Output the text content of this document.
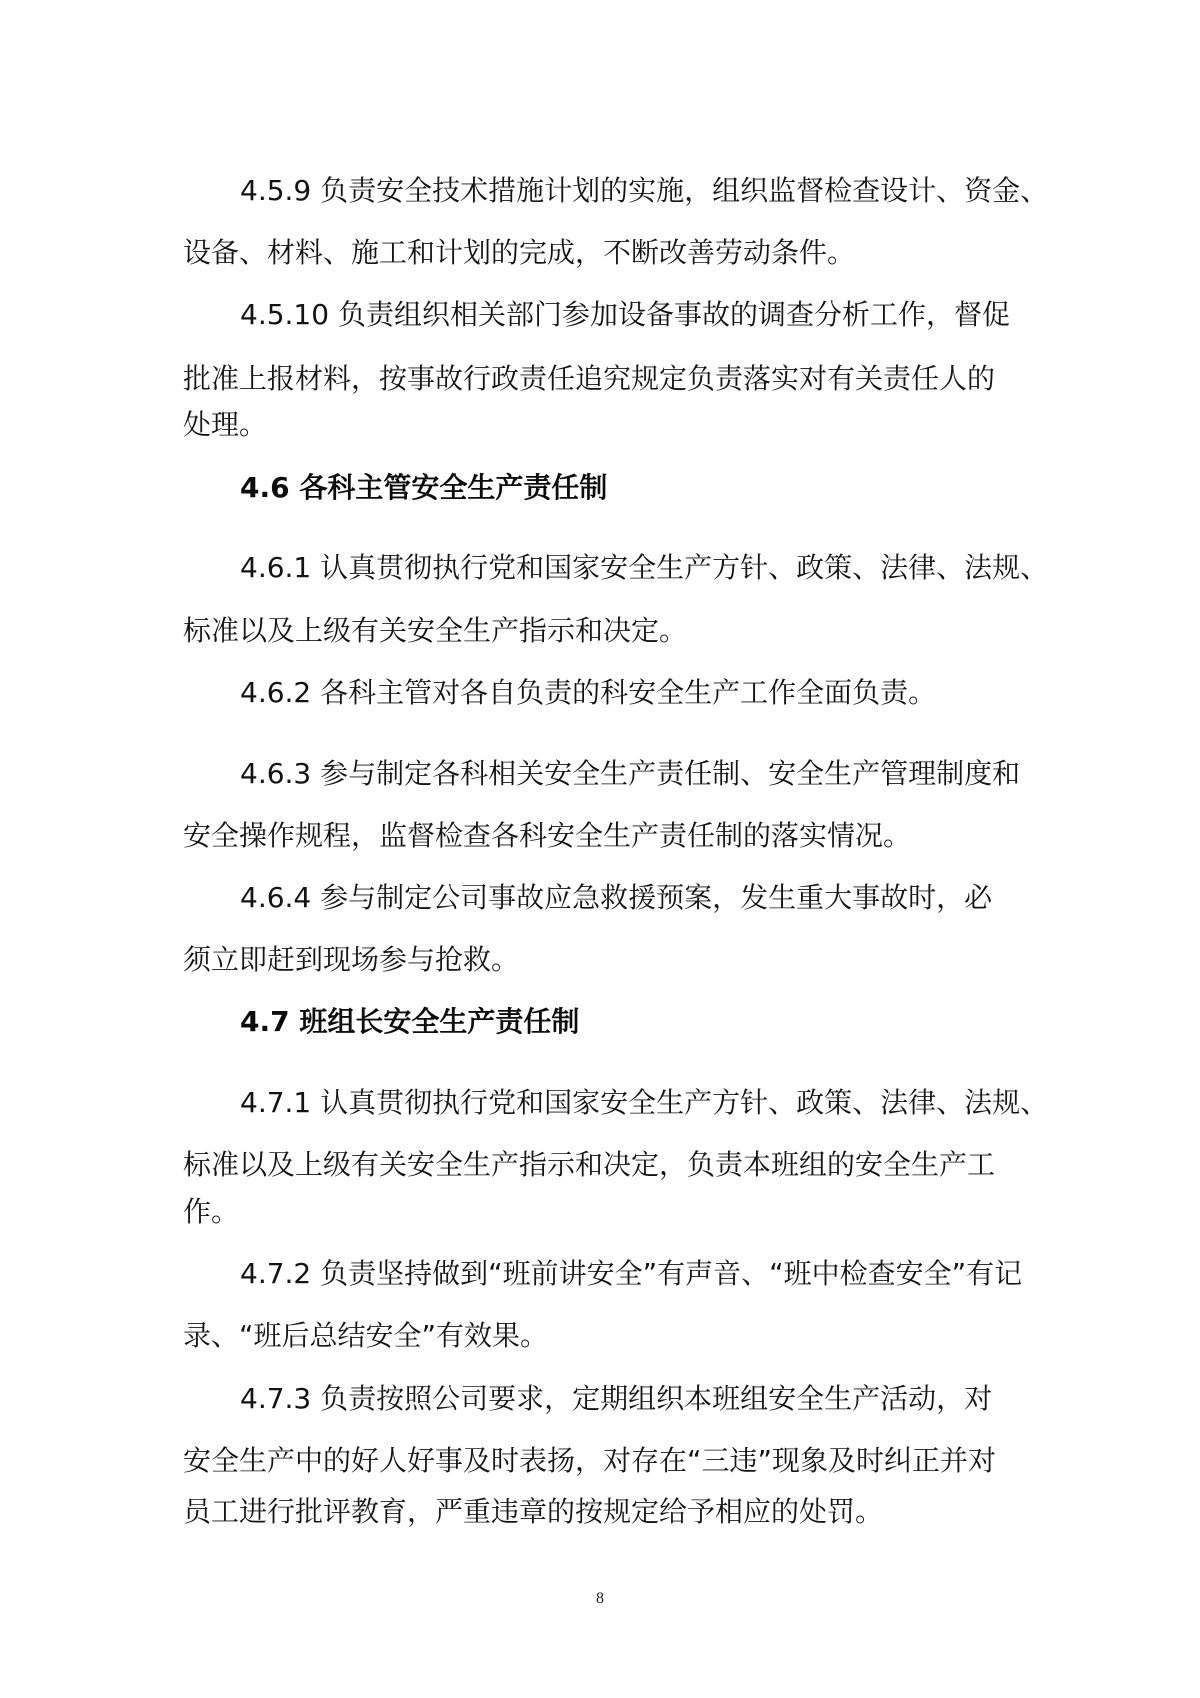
4.5.9 负责安全技术措施计划的实施，组织监督检查设计、资金、
设备、材料、施工和计划的完成，不断改善劳动条件。
4.5.10 负责组织相关部门参加设备事故的调查分析工作，督促
批准上报材料，按事故行政责任追究规定负责落实对有关责任人的
处理。
4.6 各科主管安全生产责任制
4.6.1 认真贯彻执行党和国家安全生产方针、政策、法律、法规、
标准以及上级有关安全生产指示和决定。
4.6.2 各科主管对各自负责的科安全生产工作全面负责。
4.6.3 参与制定各科相关安全生产责任制、安全生产管理制度和
安全操作规程，监督检查各科安全生产责任制的落实情况。
4.6.4 参与制定公司事故应急救援预案，发生重大事故时，必
须立即赶到现场参与抢救。
4.7 班组长安全生产责任制
4.7.1 认真贯彻执行党和国家安全生产方针、政策、法律、法规、
标准以及上级有关安全生产指示和决定，负责本班组的安全生产工
作。
4.7.2 负责坚持做到“班前讲安全”有声音、“班中检查安全”有记
录、“班后总结安全”有效果。
4.7.3 负责按照公司要求，定期组织本班组安全生产活动，对
安全生产中的好人好事及时表扬，对存在“三违”现象及时纠正并对
员工进行批评教育，严重违章的按规定给予相应的处罚。
8
